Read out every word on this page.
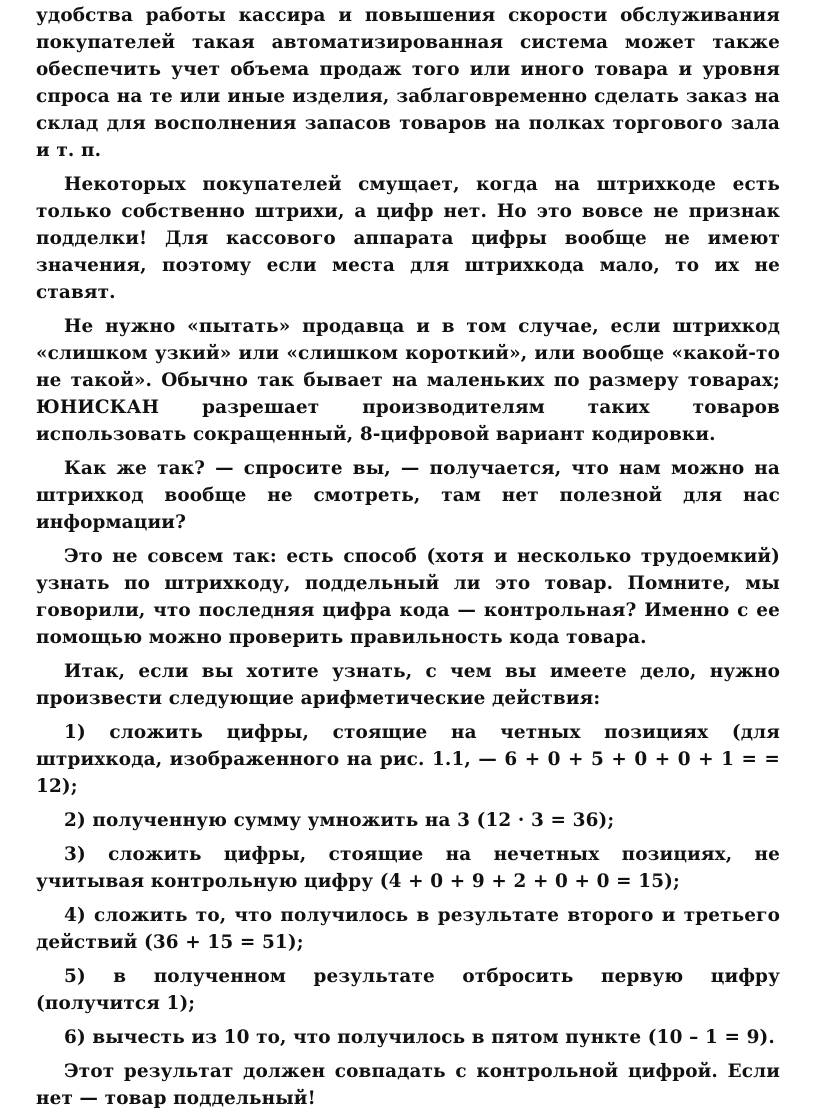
удобства работы кассира и повышения скорости обслуживания покупателей такая автоматизированная система может также обеспечить учет объема продаж того или иного товара и уровня спроса на те или иные изделия, заблаговременно сделать заказ на склад для восполнения запасов товаров на полках торгового зала и т. п.

Некоторых покупателей смущает, когда на штрихкоде есть только собственно штрихи, а цифр нет. Но это вовсе не признак подделки! Для кассового аппарата цифры вообще не имеют значения, поэтому если места для штрихкода мало, то их не ставят.

Не нужно «пытать» продавца и в том случае, если штрихкод «слишком узкий» или «слишком короткий», или вообще «какой-то не такой». Обычно так бывает на маленьких по размеру товарах; ЮНИСКАН разрешает производителям таких товаров использовать сокращенный, 8-цифровой вариант кодировки.

Как же так? — спросите вы, — получается, что нам можно на штрихкод вообще не смотреть, там нет полезной для нас информации?

Это не совсем так: есть способ (хотя и несколько трудоемкий) узнать по штрихкоду, поддельный ли это товар. Помните, мы говорили, что последняя цифра кода — контрольная? Именно с ее помощью можно проверить правильность кода товара.

Итак, если вы хотите узнать, с чем вы имеете дело, нужно произвести следующие арифметические действия:

1) сложить цифры, стоящие на четных позициях (для штрихкода, изображенного на рис. 1.1, — 6 + 0 + 5 + 0 + 0 + 1 = = 12);

2) полученную сумму умножить на 3 (12 · 3 = 36);

3) сложить цифры, стоящие на нечетных позициях, не учитывая контрольную цифру (4 + 0 + 9 + 2 + 0 + 0 = 15);

4) сложить то, что получилось в результате второго и третьего действий (36 + 15 = 51);

5) в полученном результате отбросить первую цифру (получится 1);

6) вычесть из 10 то, что получилось в пятом пункте (10 – 1 = 9).

Этот результат должен совпадать с контрольной цифрой. Если нет — товар поддельный!
